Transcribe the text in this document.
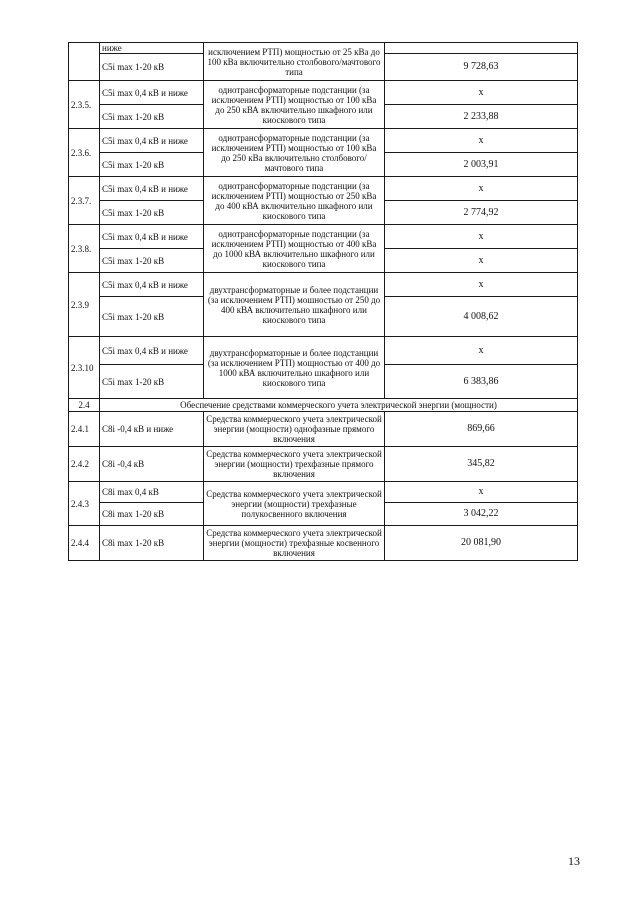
	ниже	исключением РТП) мощностью от 25 кВа до 100 кВа включительно столбового/мачтового типа	
	C5i max 1-20 кВ		9 728,63
2.3.5.	C5i max 0,4 кВ и ниже	однотрансформаторные подстанции (за исключением РТП) мощностью от 100 кВа до 250 кВА включительно шкафного или киоскового типа	x
	C5i max 1-20 кВ		2 233,88
2.3.6.	C5i max 0,4 кВ и ниже	однотрансформаторные подстанции (за исключением РТП) мощностью от 100 кВа до 250 кВа включительно столбового/мачтового типа	x
	C5i max 1-20 кВ		2 003,91
2.3.7.	C5i max 0,4 кВ и ниже	однотрансформаторные подстанции (за исключением РТП) мощностью от 250 кВа до 400 кВА включительно шкафного или киоскового типа	x
	C5i max 1-20 кВ		2 774,92
2.3.8.	C5i max 0,4 кВ и ниже	однотрансформаторные подстанции (за исключением РТП) мощностью от 400 кВа до 1000 кВА включительно шкафного или киоскового типа	x
	C5i max 1-20 кВ		x
2.3.9	C5i max 0,4 кВ и ниже	двухтрансформаторные и более подстанции (за исключением РТП) мошностью от 250 до 400 кВА включительно шкафного или киоскового типа	x
	C5i max 1-20 кВ		4 008,62
2.3.10	C5i max 0,4 кВ и ниже	двухтрансформаторные и более подстанции (за исключением РТП) мощностью от 400 до 1000 кВА включительно шкафного или киоскового типа	x
	C5i max 1-20 кВ		6 383,86
2.4	Обеспечение средствами коммерческого учета электрической энергии (мощности)		
2.4.1	C8i -0,4 кВ и ниже	Средства коммерческого учета электрической энергии (мощности) однофазные прямого включения	869,66
2.4.2	C8i -0,4 кВ	Средства коммерческого учета электрической энергии (мощности) трехфазные прямого включения	345,82
2.4.3	C8i max 0,4 кВ	Средства коммерческого учета электрической энергии (мощности) трехфазные полукосвенного включения	x
	C8i max 1-20 кВ		3 042,22
2.4.4	C8i max 1-20 кВ	Средства коммерческого учета электрической энергии (мощности) трехфазные косвенного включения	20 081,90
13
